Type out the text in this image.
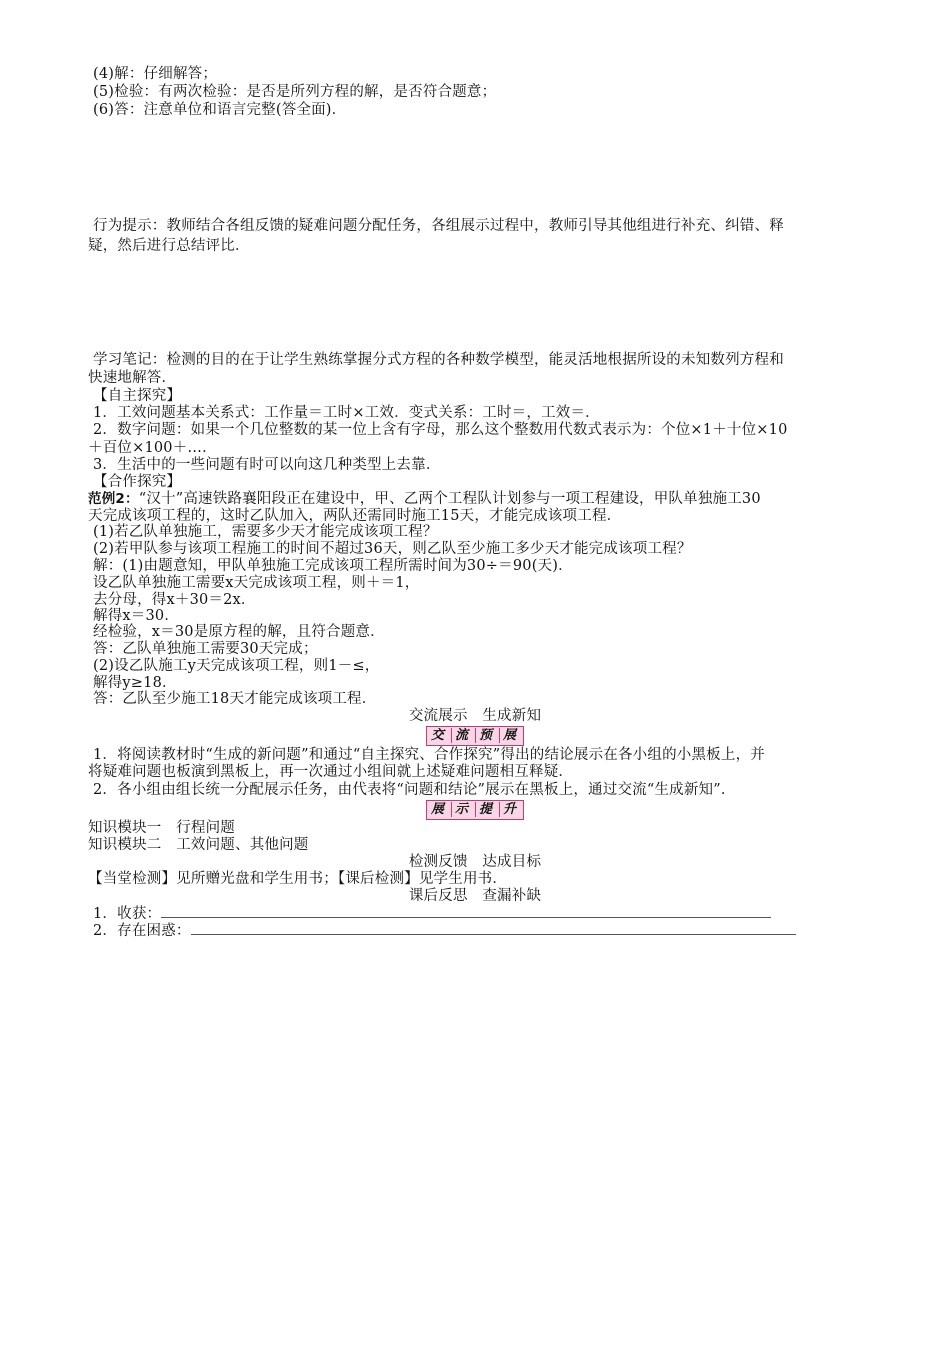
(4)解：仔细解答；
(5)检验：有两次检验：是否是所列方程的解，是否符合题意；
(6)答：注意单位和语言完整(答全面)．
行为提示：教师结合各组反馈的疑难问题分配任务，各组展示过程中，教师引导其他组进行补充、纠错、释
疑，然后进行总结评比．
学习笔记：检测的目的在于让学生熟练掌握分式方程的各种数学模型，能灵活地根据所设的未知数列方程和
快速地解答．
【自主探究】
1．工效问题基本关系式：工作量＝工时×工效．变式关系：工时＝，工效＝．
2．数字问题：如果一个几位整数的某一位上含有字母，那么这个整数用代数式表示为：个位×1＋十位×10
＋百位×100＋…．
3．生活中的一些问题有时可以向这几种类型上去靠．
【合作探究】
范例2：“汉十”高速铁路襄阳段正在建设中，甲、乙两个工程队计划参与一项工程建设，甲队单独施工30
天完成该项工程的，这时乙队加入，两队还需同时施工15天，才能完成该项工程．
(1)若乙队单独施工，需要多少天才能完成该项工程？
(2)若甲队参与该项工程施工的时间不超过36天，则乙队至少施工多少天才能完成该项工程？
解：(1)由题意知，甲队单独施工完成该项工程所需时间为30÷＝90(天)．
设乙队单独施工需要x天完成该项工程，则＋＝1，
去分母，得x＋30＝2x．
解得x＝30．
经检验，x＝30是原方程的解，且符合题意．
答：乙队单独施工需要30天完成；
(2)设乙队施工y天完成该项工程，则1－≤，
解得y≥18．
答：乙队至少施工18天才能完成该项工程．
交流展示　生成新知
交 流 预 展
1．将阅读教材时“生成的新问题”和通过“自主探究、合作探究”得出的结论展示在各小组的小黑板上，并
将疑难问题也板演到黑板上，再一次通过小组间就上述疑难问题相互释疑．
2．各小组由组长统一分配展示任务，由代表将“问题和结论”展示在黑板上，通过交流“生成新知”．
展 示 提 升
知识模块一　行程问题
知识模块二　工效问题、其他问题
检测反馈　达成目标
【当堂检测】见所赠光盘和学生用书；【课后检测】见学生用书．
课后反思　查漏补缺
1．收获：
2．存在困惑：
